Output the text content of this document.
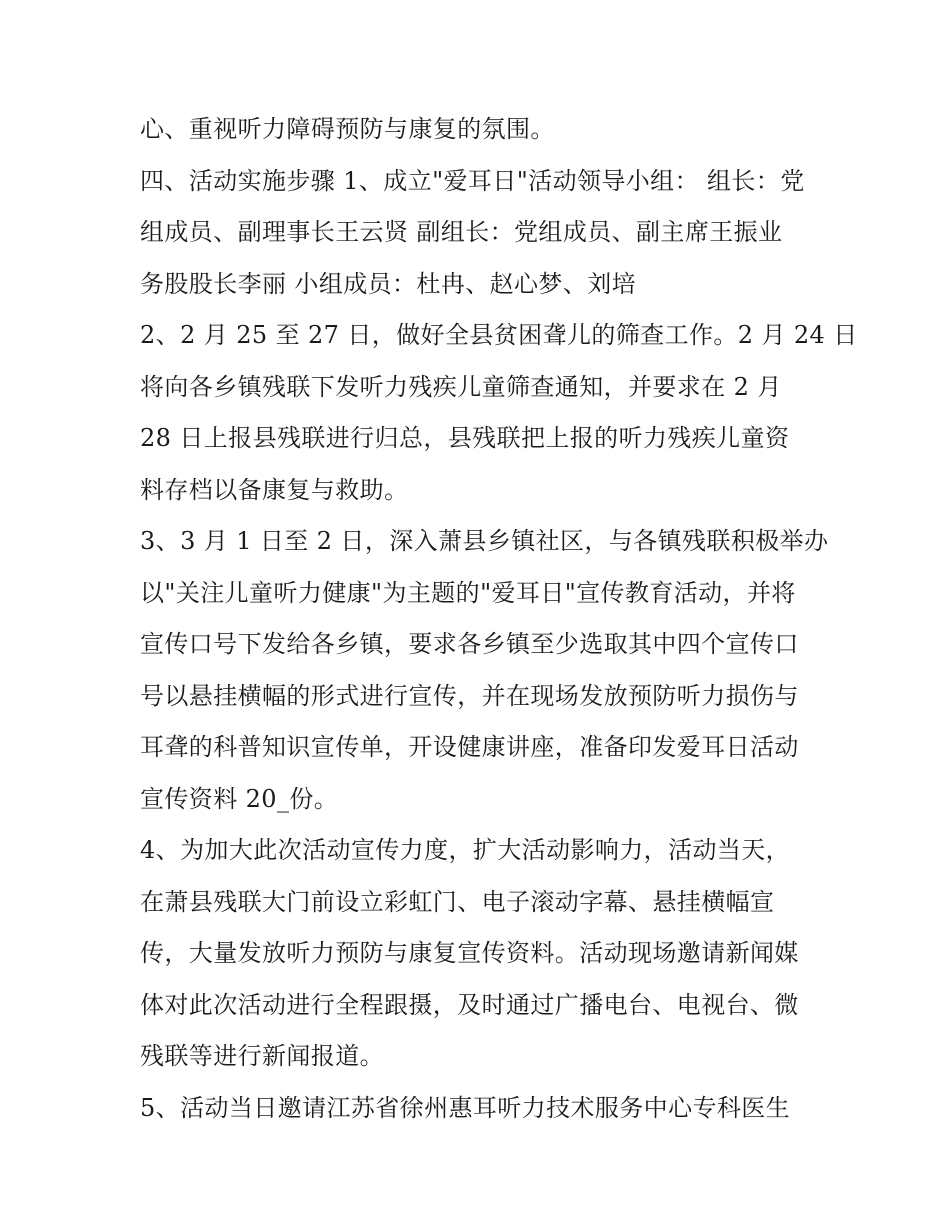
心、重视听力障碍预防与康复的氛围。
四、活动实施步骤 1、成立"爱耳日"活动领导小组： 组长：党
组成员、副理事长王云贤 副组长：党组成员、副主席王振业
务股股长李丽 小组成员：杜冉、赵心梦、刘培
2、2 月 25 至 27 日，做好全县贫困聋儿的筛查工作。2 月 24 日
将向各乡镇残联下发听力残疾儿童筛查通知，并要求在 2 月
28 日上报县残联进行归总，县残联把上报的听力残疾儿童资
料存档以备康复与救助。
3、3 月 1 日至 2 日，深入萧县乡镇社区，与各镇残联积极举办
以"关注儿童听力健康"为主题的"爱耳日"宣传教育活动，并将
宣传口号下发给各乡镇，要求各乡镇至少选取其中四个宣传口
号以悬挂横幅的形式进行宣传，并在现场发放预防听力损伤与
耳聋的科普知识宣传单，开设健康讲座，准备印发爱耳日活动
宣传资料 20_份。
4、为加大此次活动宣传力度，扩大活动影响力，活动当天，
在萧县残联大门前设立彩虹门、电子滚动字幕、悬挂横幅宣
传，大量发放听力预防与康复宣传资料。活动现场邀请新闻媒
体对此次活动进行全程跟摄，及时通过广播电台、电视台、微
残联等进行新闻报道。
5、活动当日邀请江苏省徐州惠耳听力技术服务中心专科医生
